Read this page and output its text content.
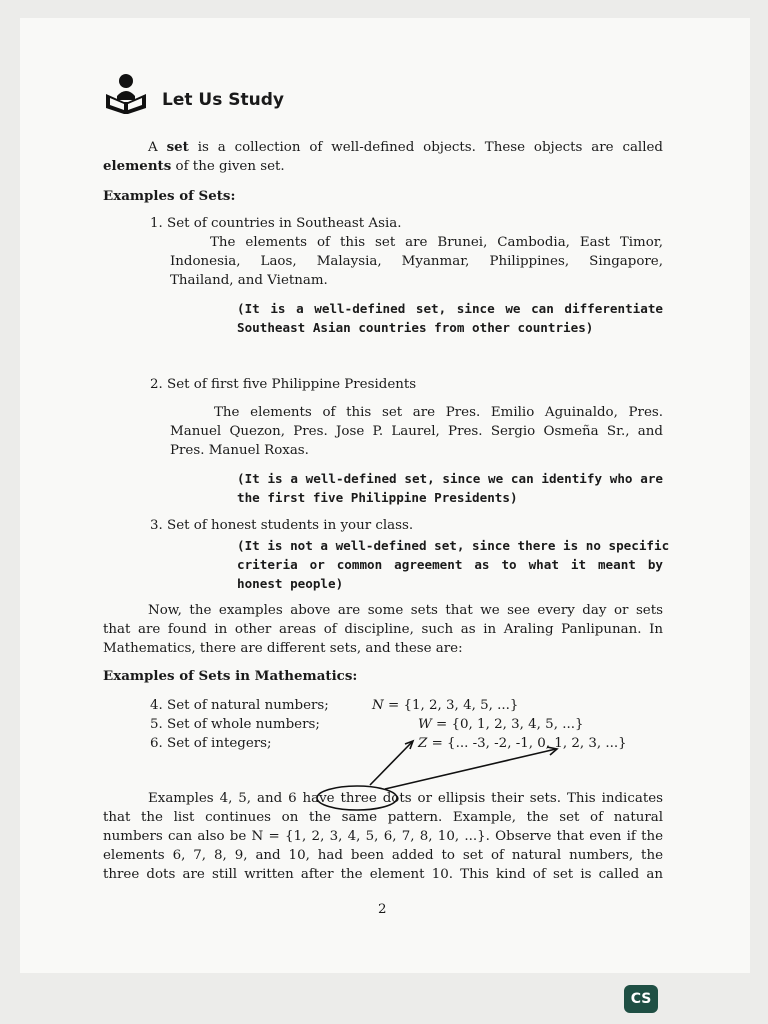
Let Us Study
A set is a collection of well-defined objects. These objects are called
elements of the given set.
Examples of Sets:
1. Set of countries in Southeast Asia.
The elements of this set are Brunei, Cambodia, East Timor,
Indonesia, Laos, Malaysia, Myanmar, Philippines, Singapore,
Thailand, and Vietnam.
(It is a well-defined set, since we can differentiate
Southeast Asian countries from other countries)
2. Set of first five Philippine Presidents
The elements of this set are Pres. Emilio Aguinaldo, Pres.
Manuel Quezon, Pres. Jose P. Laurel, Pres. Sergio Osmeña Sr., and
Pres. Manuel Roxas.
(It is a well-defined set, since we can identify who are
the first five Philippine Presidents)
3. Set of honest students in your class.
(It is not a well-defined set, since there is no specific
criteria or common agreement as to what it meant by
honest people)
Now, the examples above are some sets that we see every day or sets
that are found in other areas of discipline, such as in Araling Panlipunan. In
Mathematics, there are different sets, and these are:
Examples of Sets in Mathematics:
4. Set of natural numbers;	N = {1, 2, 3, 4, 5, ...}
5. Set of whole numbers;	W = {0, 1, 2, 3, 4, 5, ...}
6. Set of integers;	Z = {... -3, -2, -1, 0, 1, 2, 3, ...}
Examples 4, 5, and 6 have three dots or ellipsis their sets. This indicates
that the list continues on the same pattern. Example, the set of natural
numbers can also be N = {1, 2, 3, 4, 5, 6, 7, 8, 10, ...}. Observe that even if the
elements 6, 7, 8, 9, and 10, had been added to set of natural numbers, the
three dots are still written after the element 10. This kind of set is called an
2
CS
